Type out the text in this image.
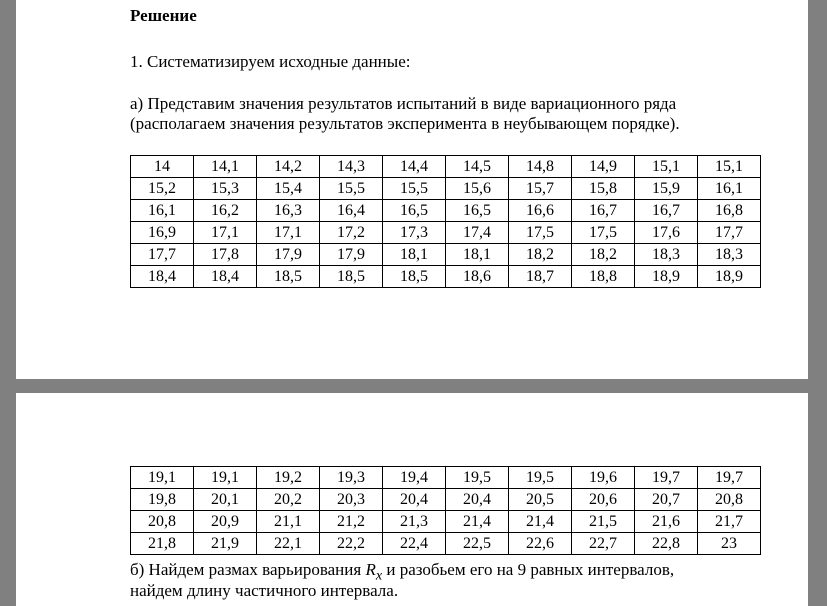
Решение
1. Систематизируем исходные данные:
а) Представим значения результатов испытаний в виде вариационного ряда
(располагаем значения результатов эксперимента в неубывающем порядке).
14	14,1	14,2	14,3	14,4	14,5	14,8	14,9	15,1	15,1
15,2	15,3	15,4	15,5	15,5	15,6	15,7	15,8	15,9	16,1
16,1	16,2	16,3	16,4	16,5	16,5	16,6	16,7	16,7	16,8
16,9	17,1	17,1	17,2	17,3	17,4	17,5	17,5	17,6	17,7
17,7	17,8	17,9	17,9	18,1	18,1	18,2	18,2	18,3	18,3
18,4	18,4	18,5	18,5	18,5	18,6	18,7	18,8	18,9	18,9
19,1	19,1	19,2	19,3	19,4	19,5	19,5	19,6	19,7	19,7
19,8	20,1	20,2	20,3	20,4	20,4	20,5	20,6	20,7	20,8
20,8	20,9	21,1	21,2	21,3	21,4	21,4	21,5	21,6	21,7
21,8	21,9	22,1	22,2	22,4	22,5	22,6	22,7	22,8	23
б) Найдем размах варьирования $R_x$ и разобьем его на 9 равных интервалов,
найдем длину частичного интервала.
